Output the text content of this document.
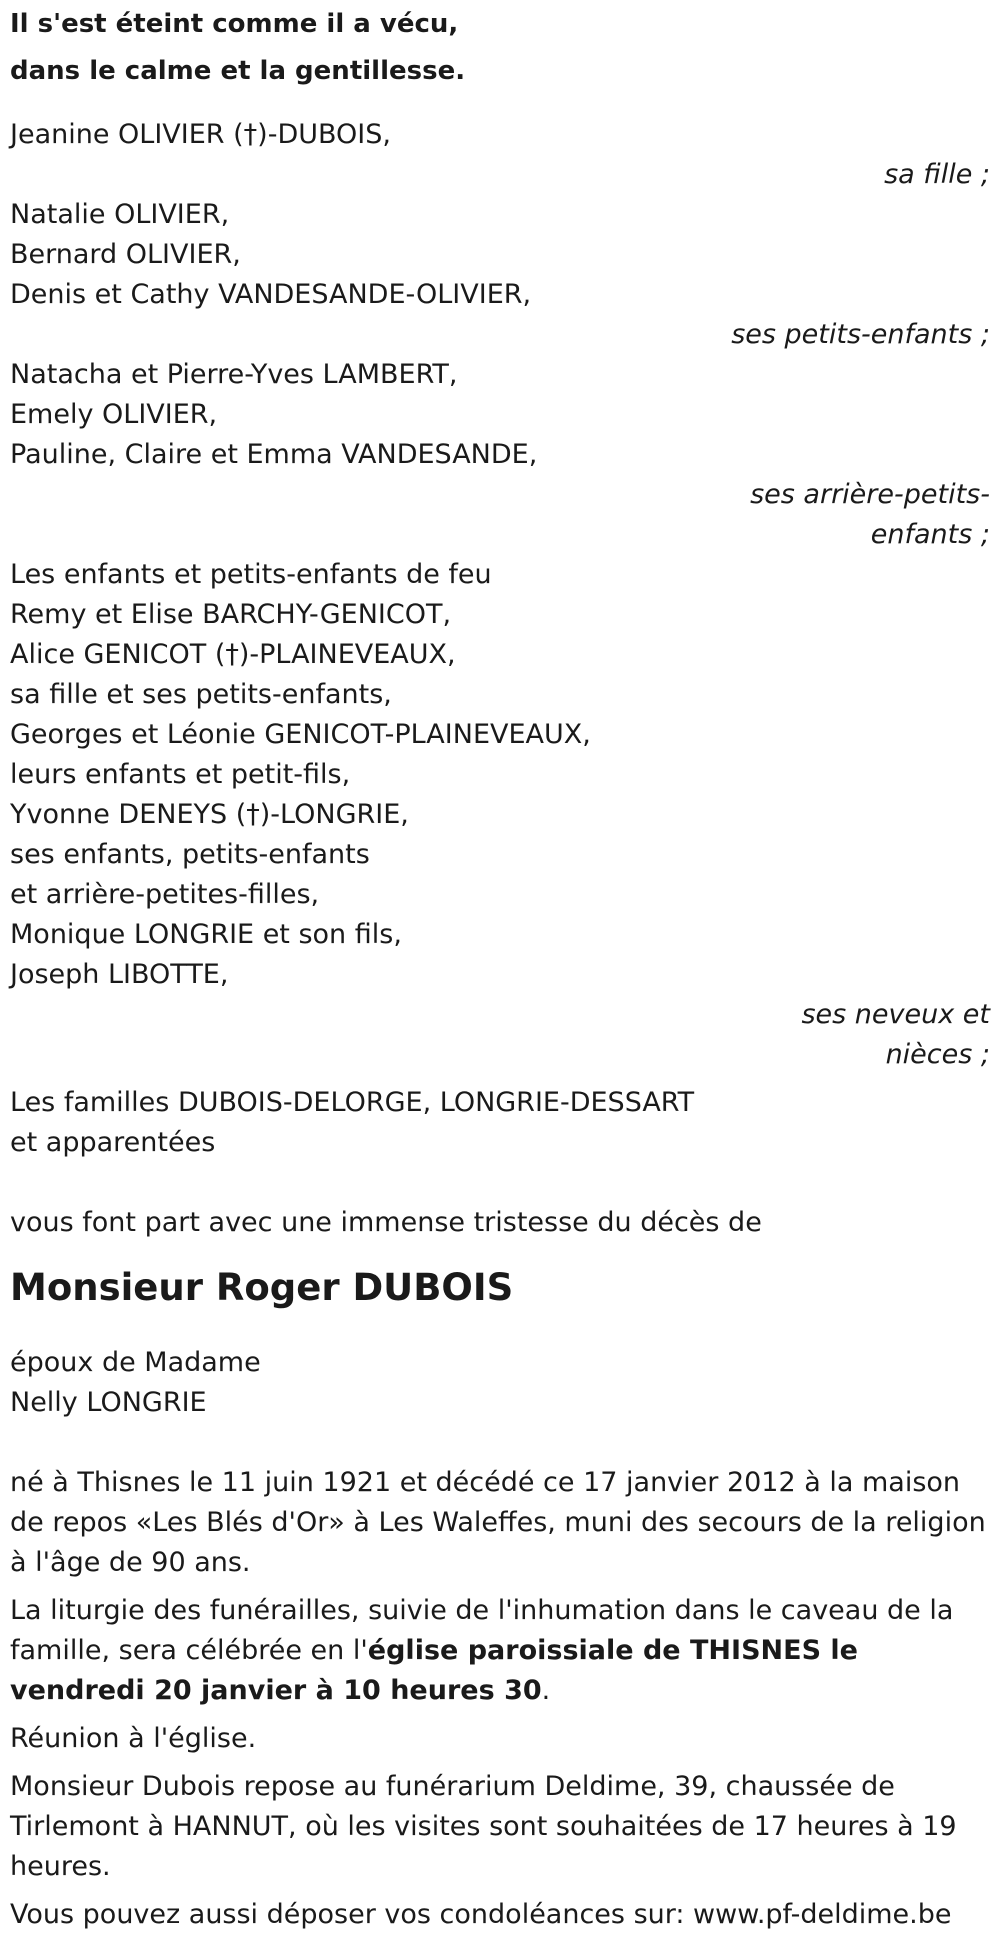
Il s'est éteint comme il a vécu,
dans le calme et la gentillesse.
Jeanine OLIVIER (†)-DUBOIS,
sa fille ;
Natalie OLIVIER,
Bernard OLIVIER,
Denis et Cathy VANDESANDE-OLIVIER,
ses petits-enfants ;
Natacha et Pierre-Yves LAMBERT,
Emely OLIVIER,
Pauline, Claire et Emma VANDESANDE,
ses arrière-petits-
enfants ;
Les enfants et petits-enfants de feu
Remy et Elise BARCHY-GENICOT,
Alice GENICOT (†)-PLAINEVEAUX,
sa fille et ses petits-enfants,
Georges et Léonie GENICOT-PLAINEVEAUX,
leurs enfants et petit-fils,
Yvonne DENEYS (†)-LONGRIE,
ses enfants, petits-enfants
et arrière-petites-filles,
Monique LONGRIE et son fils,
Joseph LIBOTTE,
ses neveux et
nièces ;
Les familles DUBOIS-DELORGE, LONGRIE-DESSART
et apparentées
vous font part avec une immense tristesse du décès de
Monsieur Roger DUBOIS
époux de Madame
Nelly LONGRIE

né à Thisnes le 11 juin 1921 et décédé ce 17 janvier 2012 à la maison de repos «Les Blés d'Or» à Les Waleffes, muni des secours de la religion à l'âge de 90 ans.

La liturgie des funérailles, suivie de l'inhumation dans le caveau de la famille, sera célébrée en l'église paroissiale de THISNES le vendredi 20 janvier à 10 heures 30.

Réunion à l'église.

Monsieur Dubois repose au funérarium Deldime, 39, chaussée de Tirlemont à HANNUT, où les visites sont souhaitées de 17 heures à 19 heures.

Vous pouvez aussi déposer vos condoléances sur: www.pf-deldime.be
